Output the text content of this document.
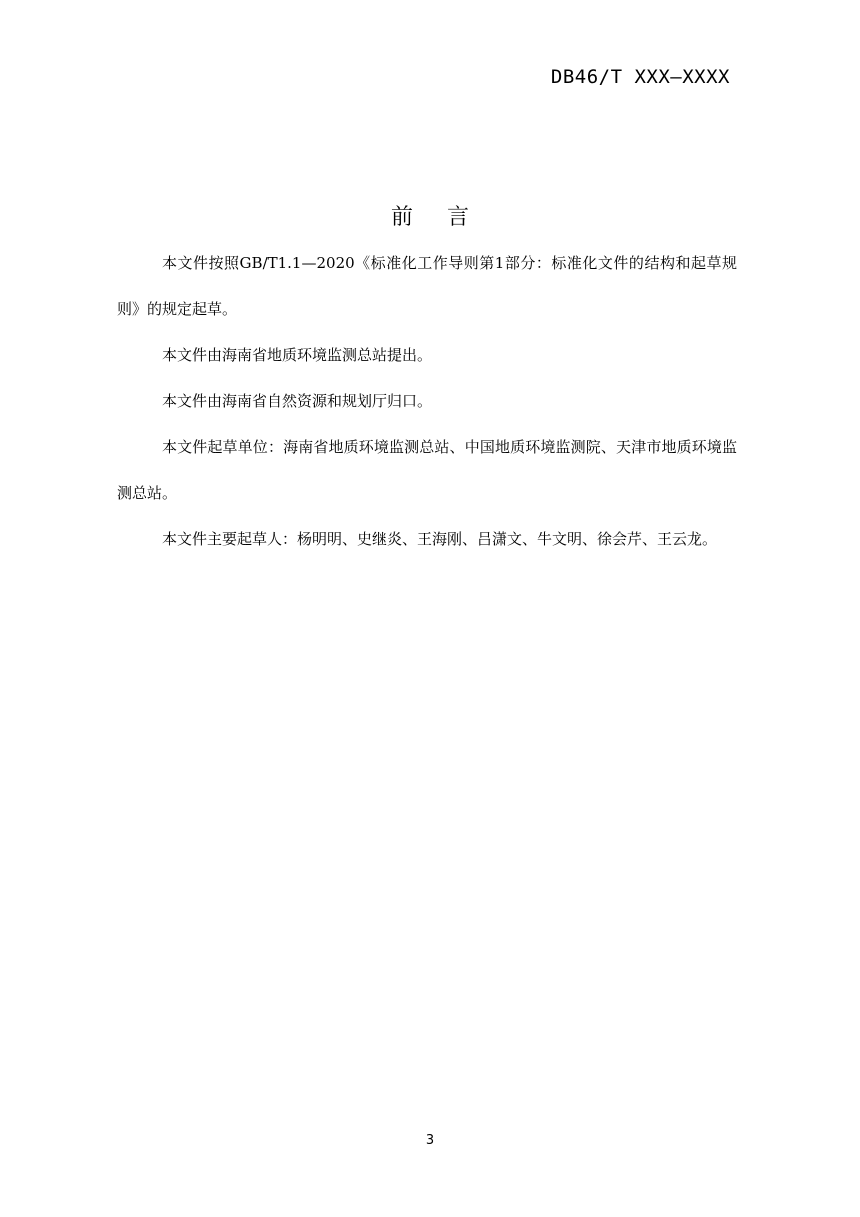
DB46/T XXX—XXXX
前言

本文件按照GB/T1.1—2020《标准化工作导则第1部分：标准化文件的结构和起草规则》的规定起草。

本文件由海南省地质环境监测总站提出。

本文件由海南省自然资源和规划厅归口。

本文件起草单位：海南省地质环境监测总站、中国地质环境监测院、天津市地质环境监测总站。

本文件主要起草人：杨明明、史继炎、王海刚、吕潇文、牛文明、徐会芹、王云龙。

3
